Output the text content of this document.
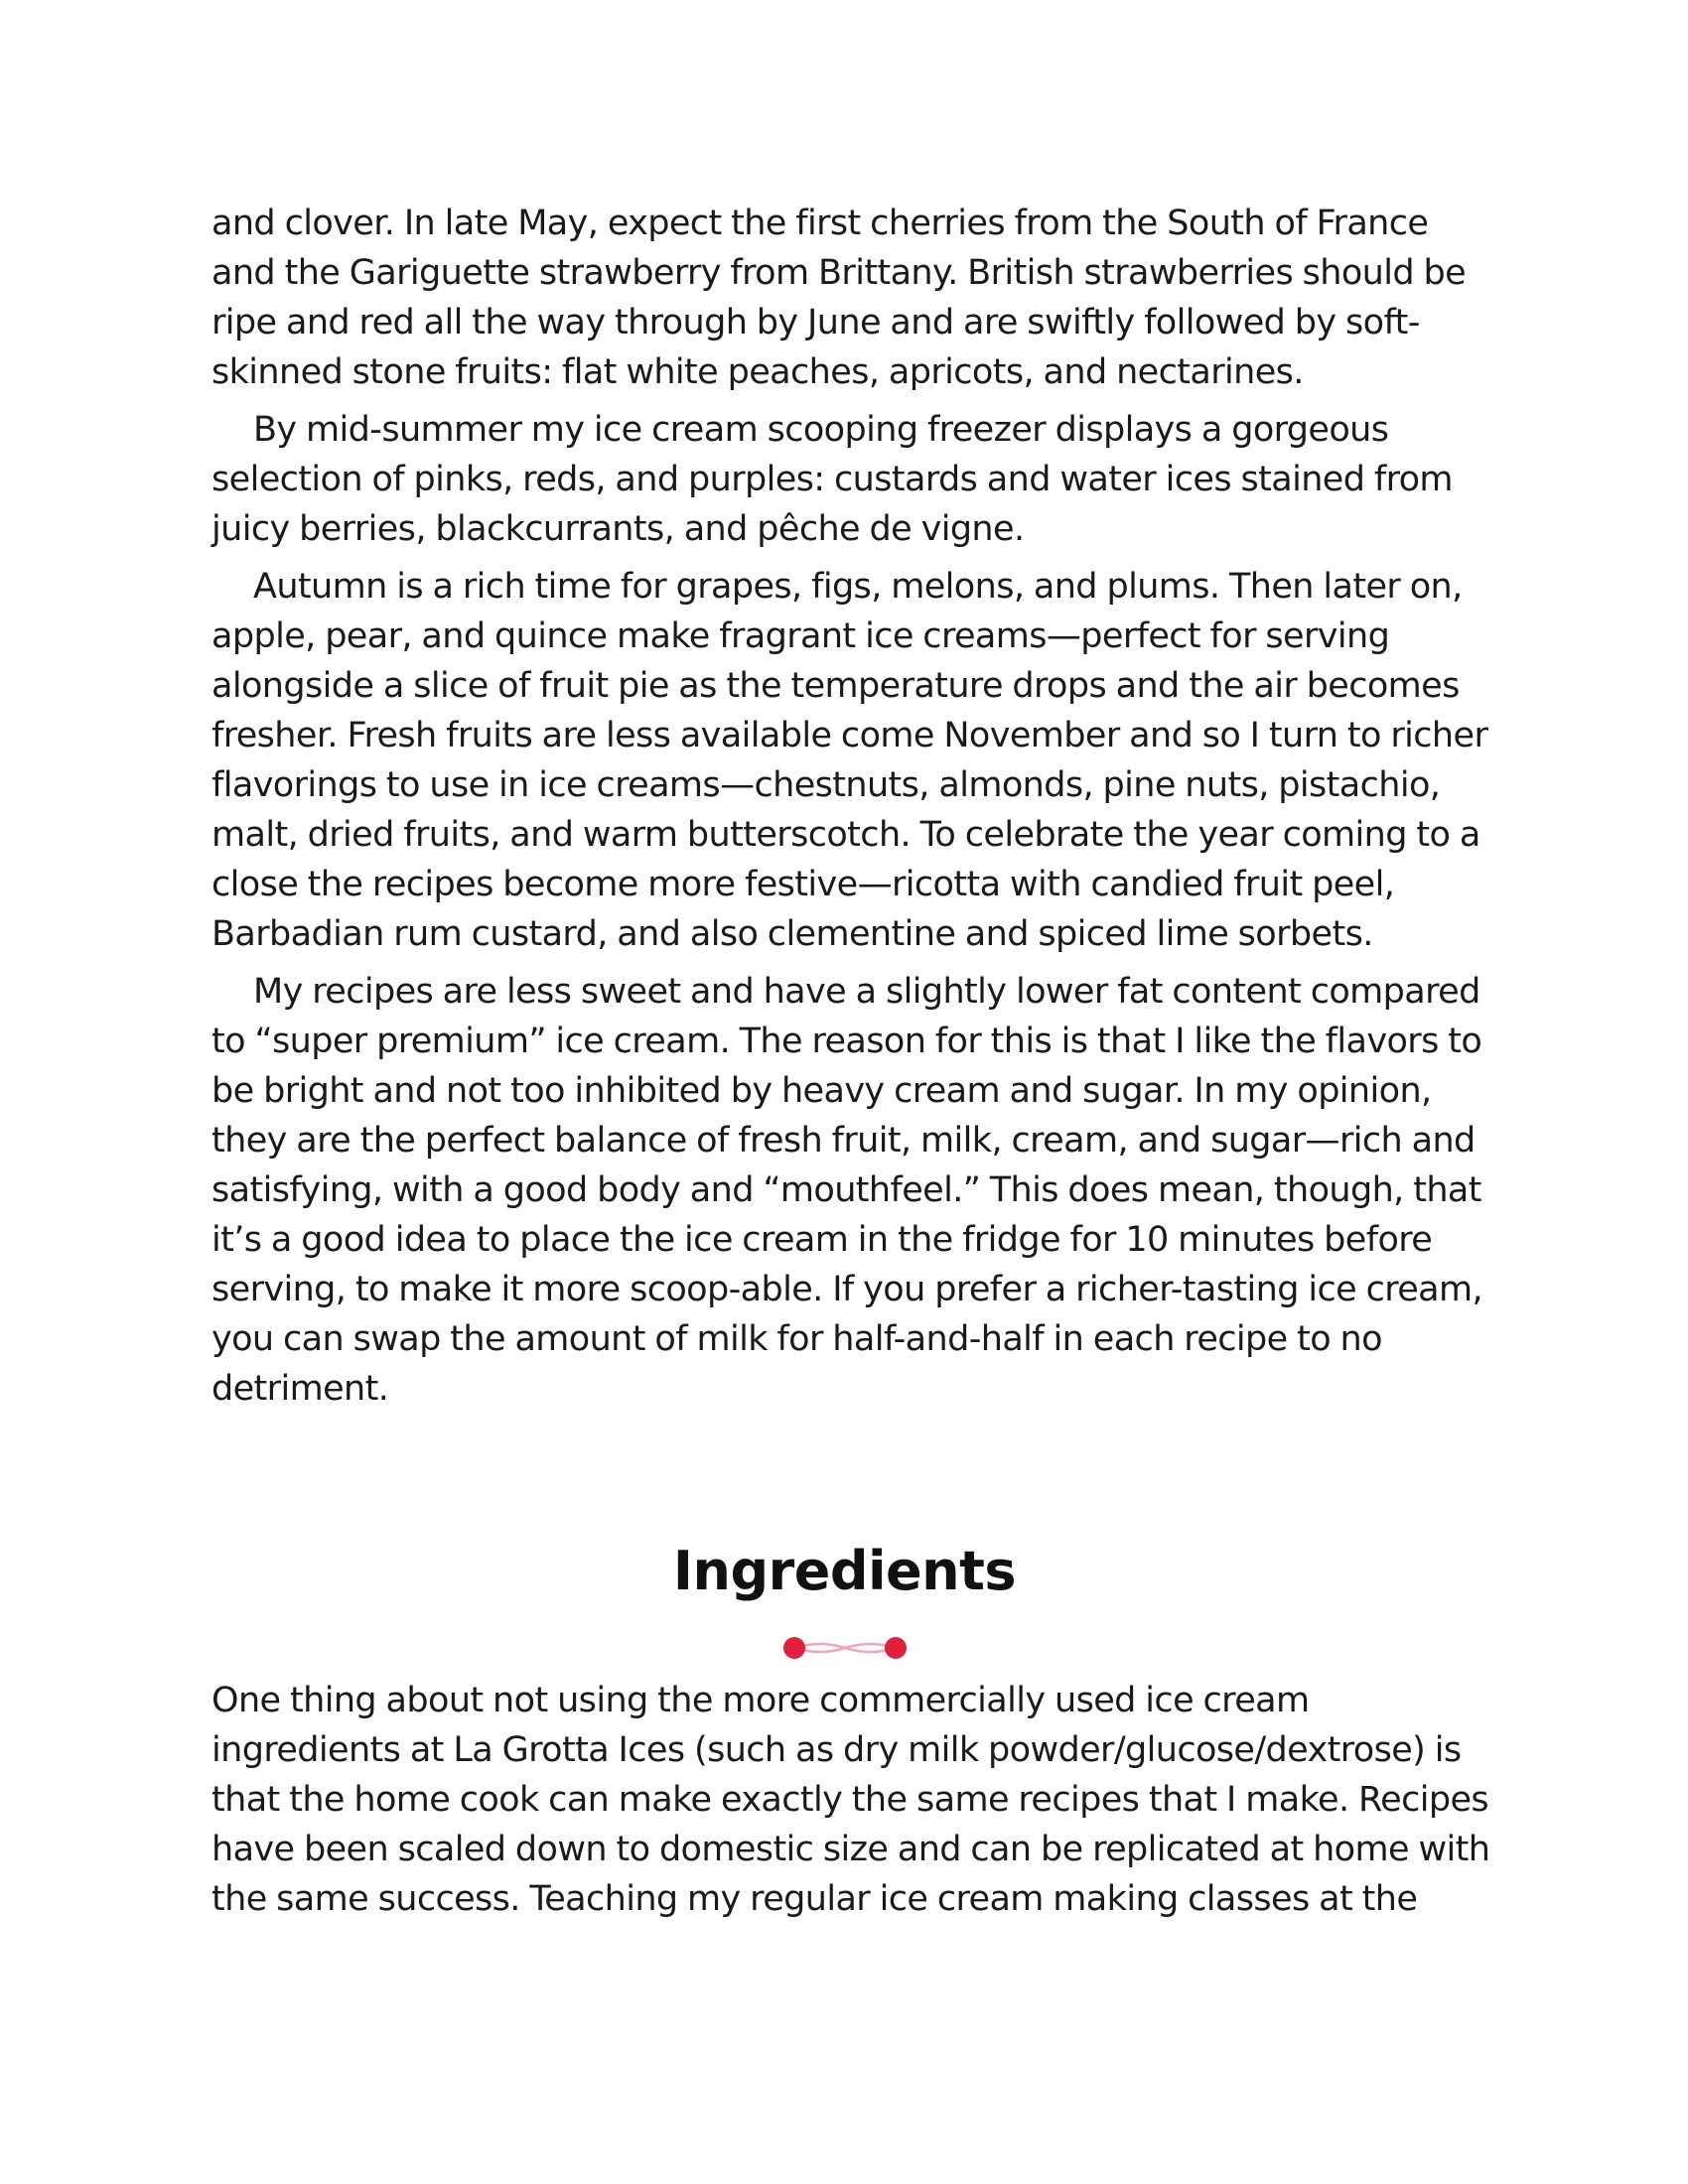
and clover. In late May, expect the first cherries from the South of France and the Gariguette strawberry from Brittany. British strawberries should be ripe and red all the way through by June and are swiftly followed by soft-skinned stone fruits: flat white peaches, apricots, and nectarines.

By mid-summer my ice cream scooping freezer displays a gorgeous selection of pinks, reds, and purples: custards and water ices stained from juicy berries, blackcurrants, and pêche de vigne.

Autumn is a rich time for grapes, figs, melons, and plums. Then later on, apple, pear, and quince make fragrant ice creams—perfect for serving alongside a slice of fruit pie as the temperature drops and the air becomes fresher. Fresh fruits are less available come November and so I turn to richer flavorings to use in ice creams—chestnuts, almonds, pine nuts, pistachio, malt, dried fruits, and warm butterscotch. To celebrate the year coming to a close the recipes become more festive—ricotta with candied fruit peel, Barbadian rum custard, and also clementine and spiced lime sorbets.

My recipes are less sweet and have a slightly lower fat content compared to “super premium” ice cream. The reason for this is that I like the flavors to be bright and not too inhibited by heavy cream and sugar. In my opinion, they are the perfect balance of fresh fruit, milk, cream, and sugar—rich and satisfying, with a good body and “mouthfeel.” This does mean, though, that it’s a good idea to place the ice cream in the fridge for 10 minutes before serving, to make it more scoop-able. If you prefer a richer-tasting ice cream, you can swap the amount of milk for half-and-half in each recipe to no detriment.

Ingredients

One thing about not using the more commercially used ice cream ingredients at La Grotta Ices (such as dry milk powder/glucose/dextrose) is that the home cook can make exactly the same recipes that I make. Recipes have been scaled down to domestic size and can be replicated at home with the same success. Teaching my regular ice cream making classes at the
